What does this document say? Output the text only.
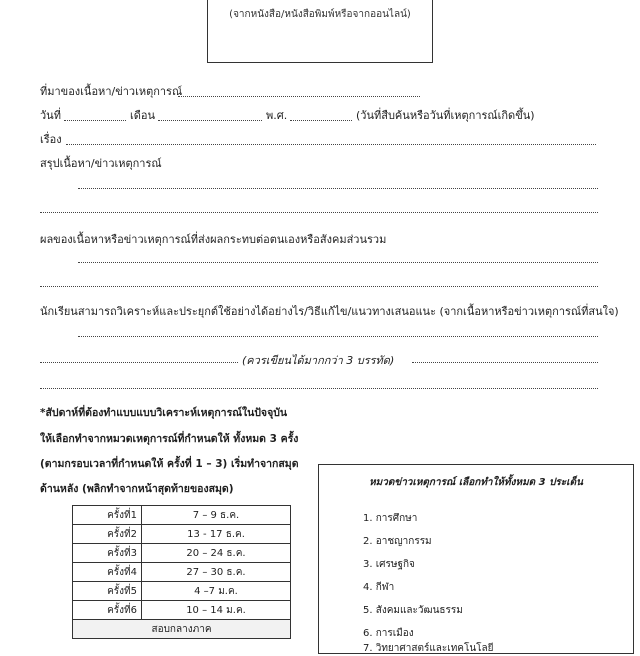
(จากหนังสือ/หนังสือพิมพ์หรือจากออนไลน์)
ที่มาของเนื้อหา/ข่าวเหตุการณ์
วันที่	เดือน	พ.ศ.	(วันที่สืบค้นหรือวันที่เหตุการณ์เกิดขึ้น)
เรื่อง
สรุปเนื้อหา/ข่าวเหตุการณ์
ผลของเนื้อหาหรือข่าวเหตุการณ์ที่ส่งผลกระทบต่อตนเองหรือสังคมส่วนรวม
นักเรียนสามารถวิเคราะห์และประยุกต์ใช้อย่างได้อย่างไร/วิธีแก้ไข/แนวทางเสนอแนะ (จากเนื้อหาหรือข่าวเหตุการณ์ที่สนใจ)
(ควรเขียนได้มากกว่า 3 บรรทัด)
*สัปดาห์ที่ต้องทำแบบแบบวิเคราะห์เหตุการณ์ในปัจจุบัน
ให้เลือกทำจากหมวดเหตุการณ์ที่กำหนดให้ ทั้งหมด 3 ครั้ง
(ตามกรอบเวลาที่กำหนดให้ ครั้งที่ 1 – 3) เริ่มทำจากสมุด
ด้านหลัง (พลิกทำจากหน้าสุดท้ายของสมุด)
ครั้งที่1	7 – 9 ธ.ค.
ครั้งที่2	13 - 17 ธ.ค.
ครั้งที่3	20 – 24 ธ.ค.
ครั้งที่4	27 – 30 ธ.ค.
ครั้งที่5	4 –7 ม.ค.
ครั้งที่6	10 – 14 ม.ค.
สอบกลางภาค	
หมวดข่าวเหตุการณ์ เลือกทำให้ทั้งหมด 3 ประเด็น
1. การศึกษา
2. อาชญากรรม
3. เศรษฐกิจ
4. กีฬา
5. สังคมและวัฒนธรรม
6. การเมือง
7. วิทยาศาสตร์และเทคโนโลยี
